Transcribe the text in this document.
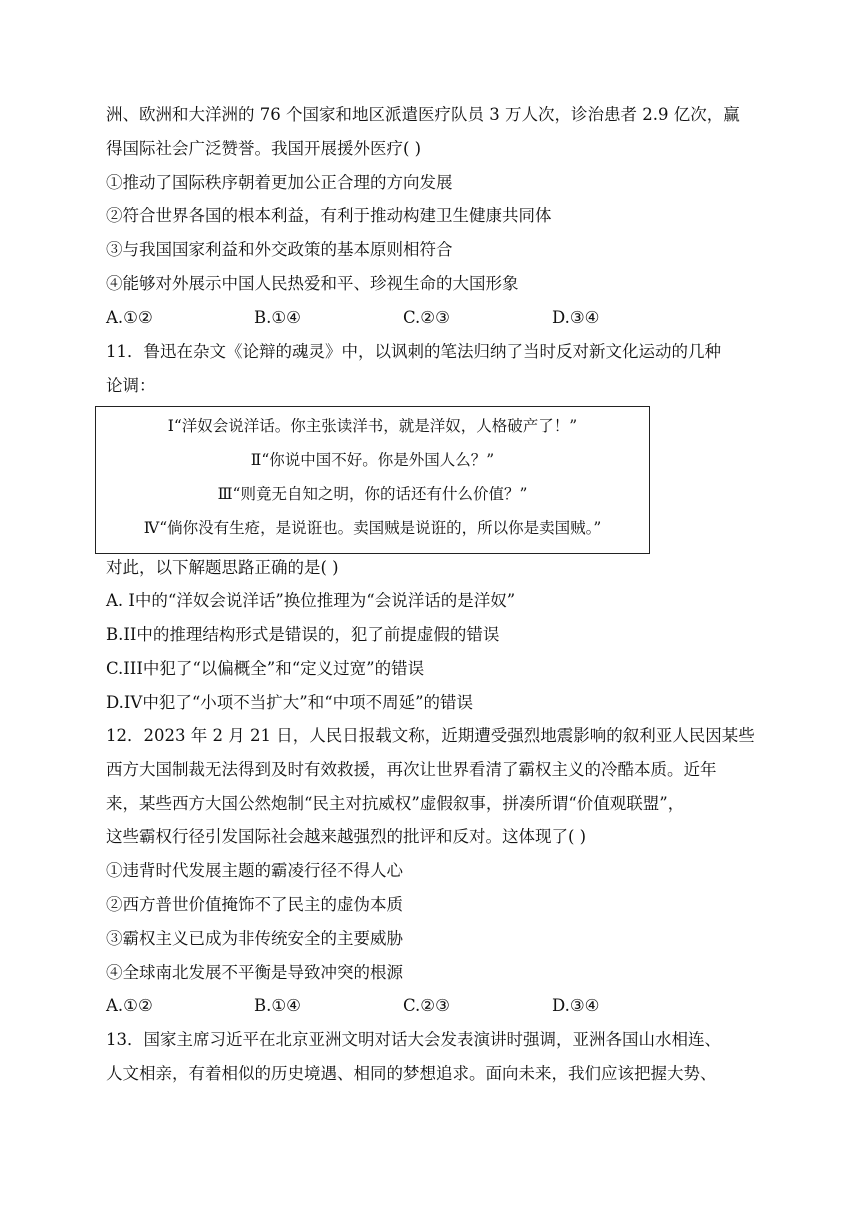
洲、欧洲和大洋洲的 76 个国家和地区派遣医疗队员 3 万人次，诊治患者 2.9 亿次，赢
得国际社会广泛赞誉。我国开展援外医疗( )
①推动了国际秩序朝着更加公正合理的方向发展
②符合世界各国的根本利益，有利于推动构建卫生健康共同体
③与我国国家利益和外交政策的基本原则相符合
④能够对外展示中国人民热爱和平、珍视生命的大国形象
A.①②	B.①④	C.②③	D.③④
11．鲁迅在杂文《论辩的魂灵》中，以讽刺的笔法归纳了当时反对新文化运动的几种
论调：
Ⅰ“洋奴会说洋话。你主张读洋书，就是洋奴，人格破产了！”
Ⅱ“你说中国不好。你是外国人么？”
Ⅲ“则竟无自知之明，你的话还有什么价值？”
Ⅳ“倘你没有生疮，是说诳也。卖国贼是说诳的，所以你是卖国贼。”
对此，以下解题思路正确的是( )
A. Ⅰ中的“洋奴会说洋话”换位推理为“会说洋话的是洋奴”
B.II中的推理结构形式是错误的，犯了前提虚假的错误
C.III中犯了“以偏概全”和“定义过宽”的错误
D.IV中犯了“小项不当扩大”和“中项不周延”的错误
12．2023 年 2 月 21 日，人民日报载文称，近期遭受强烈地震影响的叙利亚人民因某些
西方大国制裁无法得到及时有效救援，再次让世界看清了霸权主义的冷酷本质。近年
来，某些西方大国公然炮制“民主对抗威权”虚假叙事，拼凑所谓“价值观联盟”，
这些霸权行径引发国际社会越来越强烈的批评和反对。这体现了( )
①违背时代发展主题的霸凌行径不得人心
②西方普世价值掩饰不了民主的虚伪本质
③霸权主义已成为非传统安全的主要威胁
④全球南北发展不平衡是导致冲突的根源
A.①②	B.①④	C.②③	D.③④
13．国家主席习近平在北京亚洲文明对话大会发表演讲时强调，亚洲各国山水相连、
人文相亲，有着相似的历史境遇、相同的梦想追求。面向未来，我们应该把握大势、
